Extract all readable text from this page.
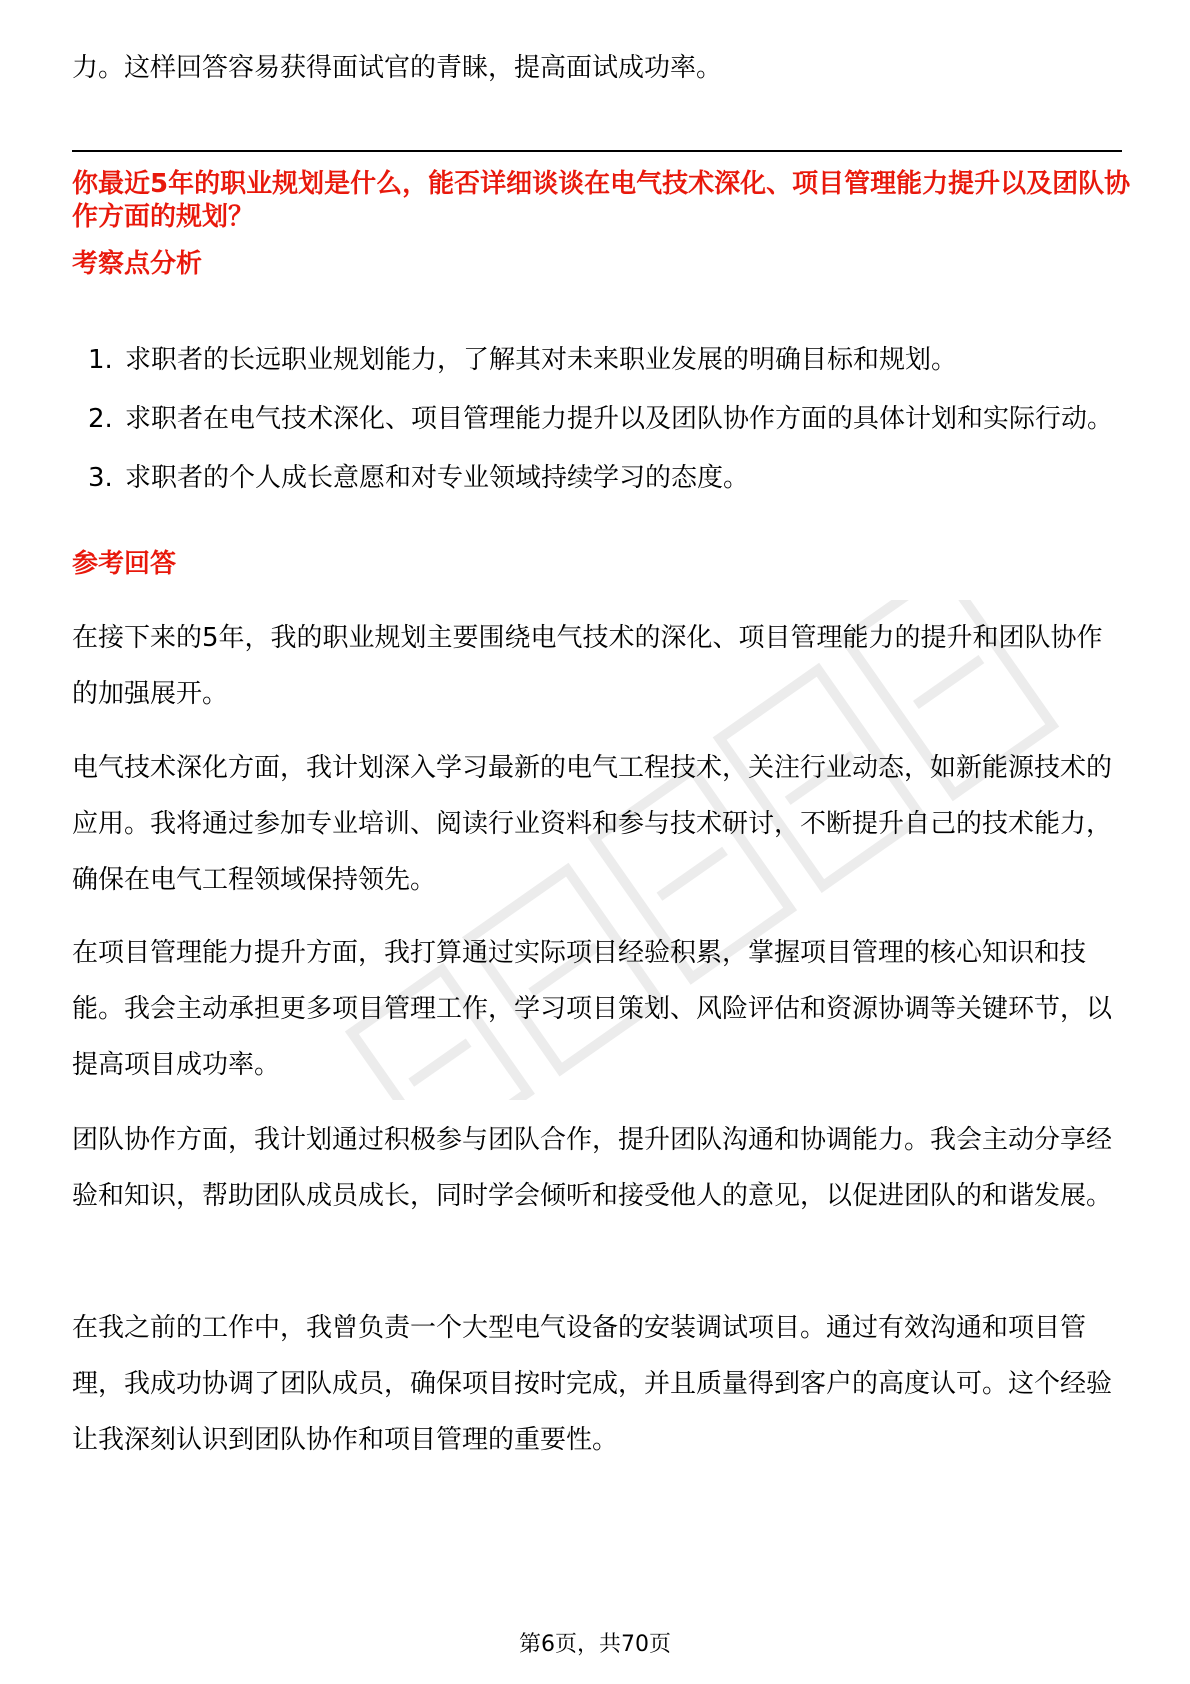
力。这样回答容易获得面试官的青睐，提高面试成功率。

你最近5年的职业规划是什么，能否详细谈谈在电气技术深化、项目管理能力提升以及团队协作方面的规划？

考察点分析

1. 求职者的长远职业规划能力，了解其对未来职业发展的明确目标和规划。
2. 求职者在电气技术深化、项目管理能力提升以及团队协作方面的具体计划和实际行动。
3. 求职者的个人成长意愿和对专业领域持续学习的态度。

参考回答

在接下来的5年，我的职业规划主要围绕电气技术的深化、项目管理能力的提升和团队协作的加强展开。

电气技术深化方面，我计划深入学习最新的电气工程技术，关注行业动态，如新能源技术的应用。我将通过参加专业培训、阅读行业资料和参与技术研讨，不断提升自己的技术能力，确保在电气工程领域保持领先。

在项目管理能力提升方面，我打算通过实际项目经验积累，掌握项目管理的核心知识和技能。我会主动承担更多项目管理工作，学习项目策划、风险评估和资源协调等关键环节，以提高项目成功率。

团队协作方面，我计划通过积极参与团队合作，提升团队沟通和协调能力。我会主动分享经验和知识，帮助团队成员成长，同时学会倾听和接受他人的意见，以促进团队的和谐发展。

在我之前的工作中，我曾负责一个大型电气设备的安装调试项目。通过有效沟通和项目管理，我成功协调了团队成员，确保项目按时完成，并且质量得到客户的高度认可。这个经验让我深刻认识到团队协作和项目管理的重要性。

第6页，共70页
